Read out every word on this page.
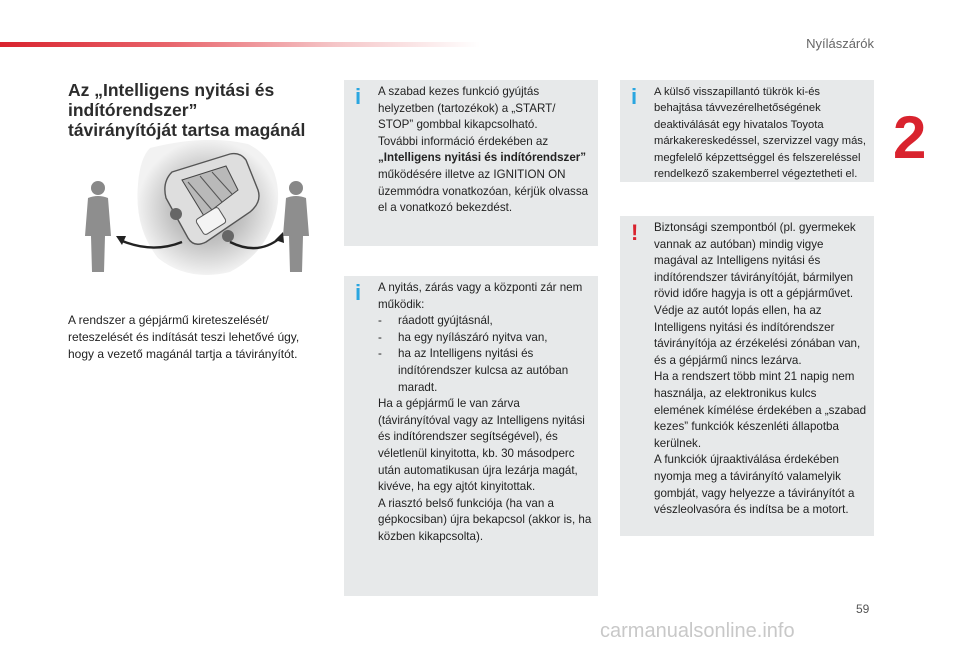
Nyílászárók
2
Az „Intelligens nyitási és indítórendszer” távirányítóját tartsa magánál
A rendszer a gépjármű kireteszelését/ reteszelését és indítását teszi lehetővé úgy, hogy a vezető magánál tartja a távirányítót.
i A szabad kezes funkció gyújtás helyzetben (tartozékok) a „START/ STOP” gombbal kikapcsolható.
További információ érdekében az „Intelligens nyitási és indítórendszer” működésére illetve az IGNITION ON üzemmódra vonatkozóan, kérjük olvassa el a vonatkozó bekezdést.
i A nyitás, zárás vagy a központi zár nem működik:
-	ráadott gyújtásnál,
-	ha egy nyílászáró nyitva van,
-	ha az Intelligens nyitási és indítórendszer kulcsa az autóban maradt.
Ha a gépjármű le van zárva (távirányítóval vagy az Intelligens nyitási és indítórendszer segítségével), és véletlenül kinyitotta, kb. 30 másodperc után automatikusan újra lezárja magát, kivéve, ha egy ajtót kinyitottak.
A riasztó belső funkciója (ha van a gépkocsiban) újra bekapcsol (akkor is, ha közben kikapcsolta).
i A külső visszapillantó tükrök ki-és behajtása távvezérelhetőségének deaktiválását egy hivatalos Toyota márkakereskedéssel, szervizzel vagy más, megfelelő képzettséggel és felszereléssel rendelkező szakemberrel végeztetheti el.
! Biztonsági szempontból (pl. gyermekek vannak az autóban) mindig vigye magával az Intelligens nyitási és indítórendszer távirányítóját, bármilyen rövid időre hagyja is ott a gépjárművet.
Védje az autót lopás ellen, ha az Intelligens nyitási és indítórendszer távirányítója az érzékelési zónában van, és a gépjármű nincs lezárva.
Ha a rendszert több mint 21 napig nem használja, az elektronikus kulcs elemének kímélése érdekében a „szabad kezes” funkciók készenléti állapotba kerülnek.
A funkciók újraaktiválása érdekében nyomja meg a távirányító valamelyik gombját, vagy helyezze a távirányítót a vészleolvasóra és indítsa be a motort.
59
carmanualsonline.info
